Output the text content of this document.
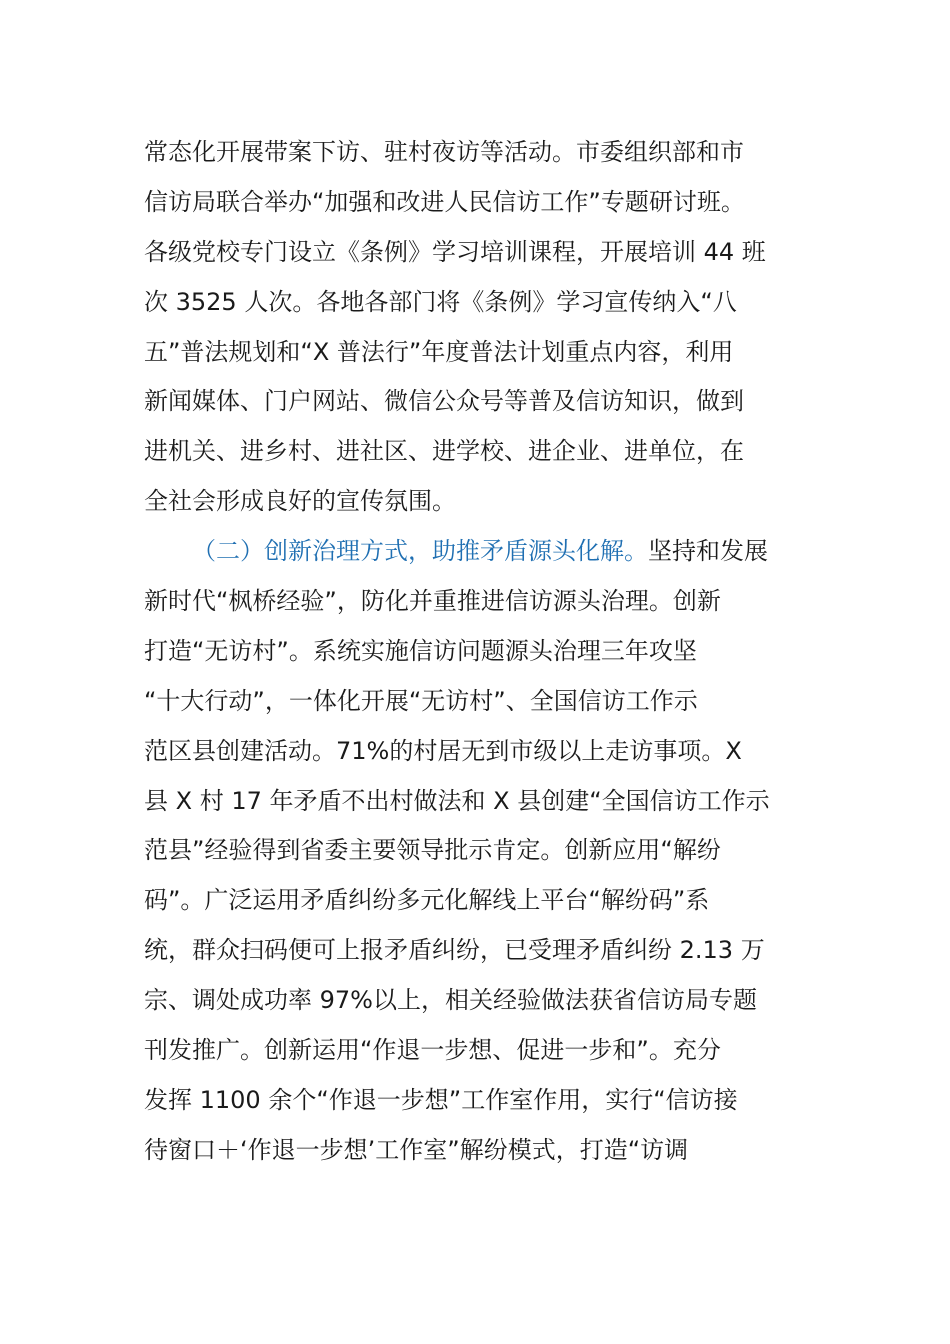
常态化开展带案下访、驻村夜访等活动。市委组织部和市
信访局联合举办“加强和改进人民信访工作”专题研讨班。
各级党校专门设立《条例》学习培训课程，开展培训 44 班
次 3525 人次。各地各部门将《条例》学习宣传纳入“八
五”普法规划和“X 普法行”年度普法计划重点内容，利用
新闻媒体、门户网站、微信公众号等普及信访知识，做到
进机关、进乡村、进社区、进学校、进企业、进单位，在
全社会形成良好的宣传氛围。
（二）创新治理方式，助推矛盾源头化解。坚持和发展
新时代“枫桥经验”，防化并重推进信访源头治理。创新
打造“无访村”。系统实施信访问题源头治理三年攻坚
“十大行动”，一体化开展“无访村”、全国信访工作示
范区县创建活动。71%的村居无到市级以上走访事项。X
县 X 村 17 年矛盾不出村做法和 X 县创建“全国信访工作示
范县”经验得到省委主要领导批示肯定。创新应用“解纷
码”。广泛运用矛盾纠纷多元化解线上平台“解纷码”系
统，群众扫码便可上报矛盾纠纷，已受理矛盾纠纷 2.13 万
宗、调处成功率 97%以上，相关经验做法获省信访局专题
刊发推广。创新运用“作退一步想、促进一步和”。充分
发挥 1100 余个“作退一步想”工作室作用，实行“信访接
待窗口＋‘作退一步想’工作室”解纷模式，打造“访调
